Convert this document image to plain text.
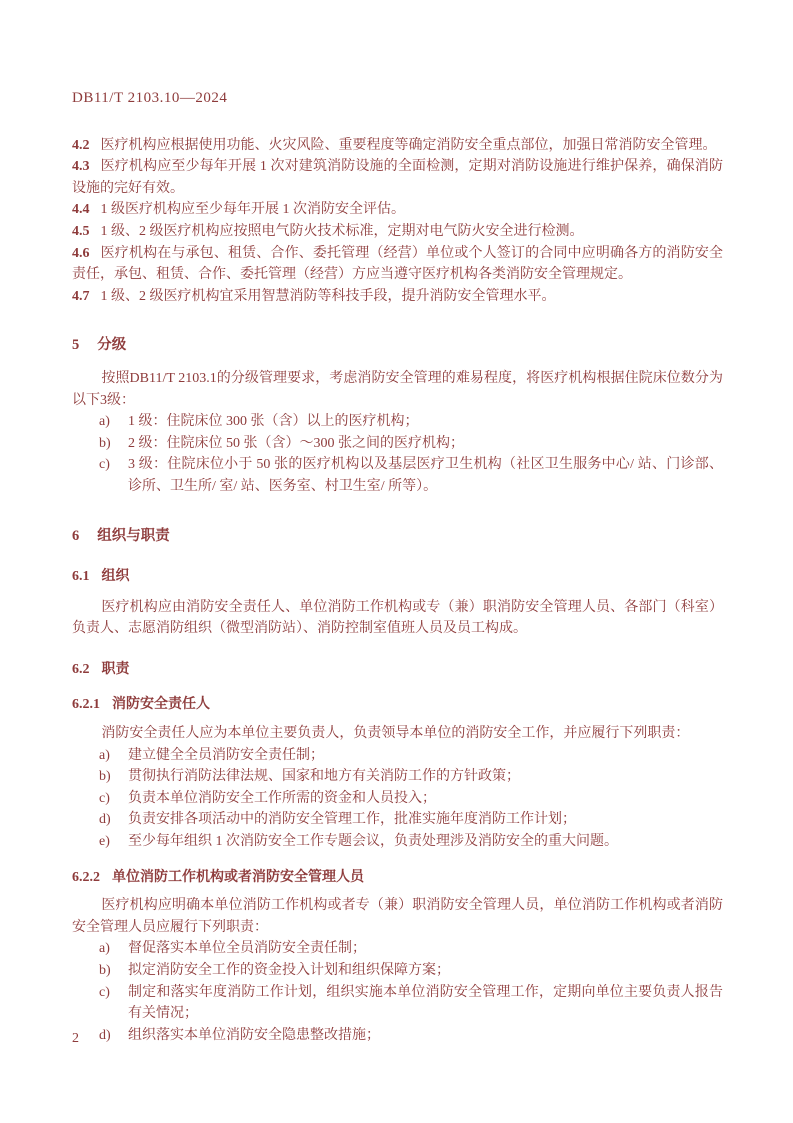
DB11/T 2103.10—2024

4.2 医疗机构应根据使用功能、火灾风险、重要程度等确定消防安全重点部位，加强日常消防安全管理。

4.3 医疗机构应至少每年开展 1 次对建筑消防设施的全面检测，定期对消防设施进行维护保养，确保消防设施的完好有效。

4.4 1 级医疗机构应至少每年开展 1 次消防安全评估。

4.5 1 级、2 级医疗机构应按照电气防火技术标准，定期对电气防火安全进行检测。

4.6 医疗机构在与承包、租赁、合作、委托管理（经营）单位或个人签订的合同中应明确各方的消防安全责任，承包、租赁、合作、委托管理（经营）方应当遵守医疗机构各类消防安全管理规定。

4.7 1 级、2 级医疗机构宜采用智慧消防等科技手段，提升消防安全管理水平。

5 分级

按照DB11/T 2103.1的分级管理要求，考虑消防安全管理的难易程度，将医疗机构根据住院床位数分为以下3级：

a)	1 级：住院床位 300 张（含）以上的医疗机构；
b)	2 级：住院床位 50 张（含）～300 张之间的医疗机构；
c)	3 级：住院床位小于 50 张的医疗机构以及基层医疗卫生机构（社区卫生服务中心/ 站、门诊部、诊所、卫生所/ 室/ 站、医务室、村卫生室/ 所等）。

6 组织与职责

6.1 组织

医疗机构应由消防安全责任人、单位消防工作机构或专（兼）职消防安全管理人员、各部门（科室）负责人、志愿消防组织（微型消防站）、消防控制室值班人员及员工构成。

6.2 职责

6.2.1 消防安全责任人

消防安全责任人应为本单位主要负责人，负责领导本单位的消防安全工作，并应履行下列职责：

a)	建立健全全员消防安全责任制；
b)	贯彻执行消防法律法规、国家和地方有关消防工作的方针政策；
c)	负责本单位消防安全工作所需的资金和人员投入；
d)	负责安排各项活动中的消防安全管理工作，批准实施年度消防工作计划；
e)	至少每年组织 1 次消防安全工作专题会议，负责处理涉及消防安全的重大问题。

6.2.2 单位消防工作机构或者消防安全管理人员

医疗机构应明确本单位消防工作机构或者专（兼）职消防安全管理人员，单位消防工作机构或者消防安全管理人员应履行下列职责：

a)	督促落实本单位全员消防安全责任制；
b)	拟定消防安全工作的资金投入计划和组织保障方案；
c)	制定和落实年度消防工作计划，组织实施本单位消防安全管理工作，定期向单位主要负责人报告有关情况；
d)	组织落实本单位消防安全隐患整改措施；
2
